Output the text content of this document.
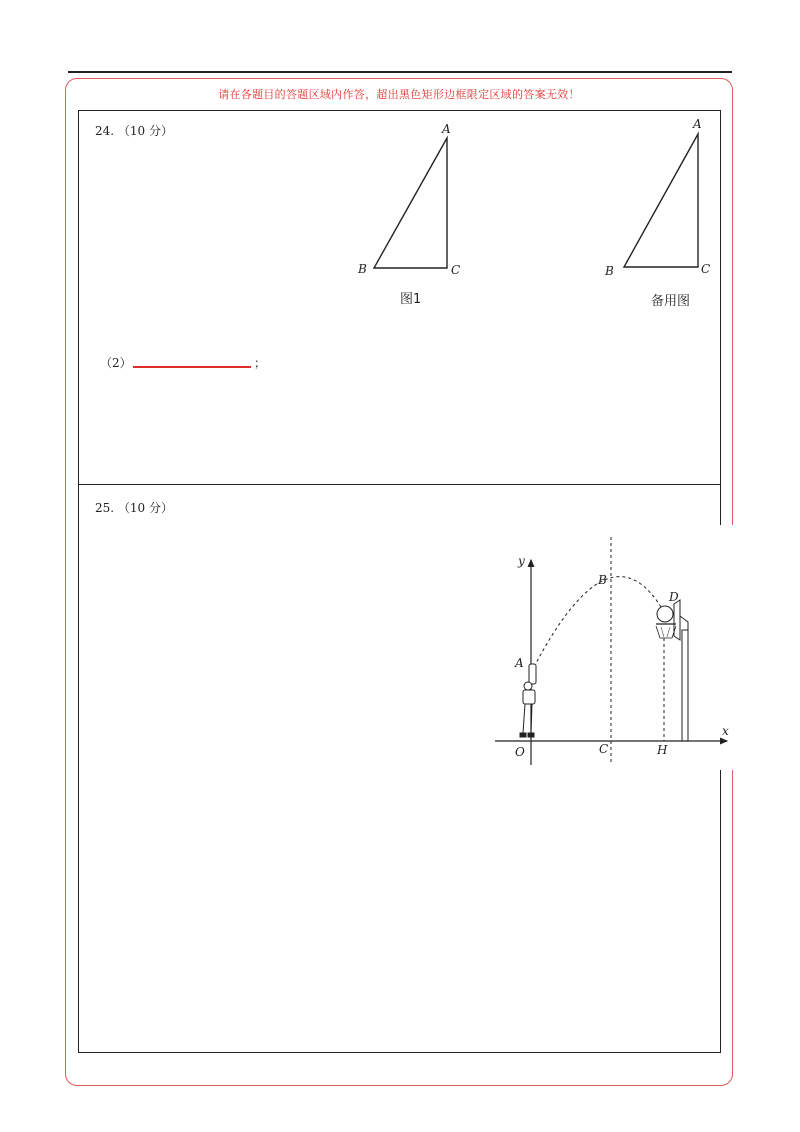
请在各题目的答题区域内作答，超出黑色矩形边框限定区域的答案无效！
24. （10 分）	A
B	C
A
B	C
图1	备用图
（2）	；
25. （10 分）
y
x
O	C
B
A
D
H
